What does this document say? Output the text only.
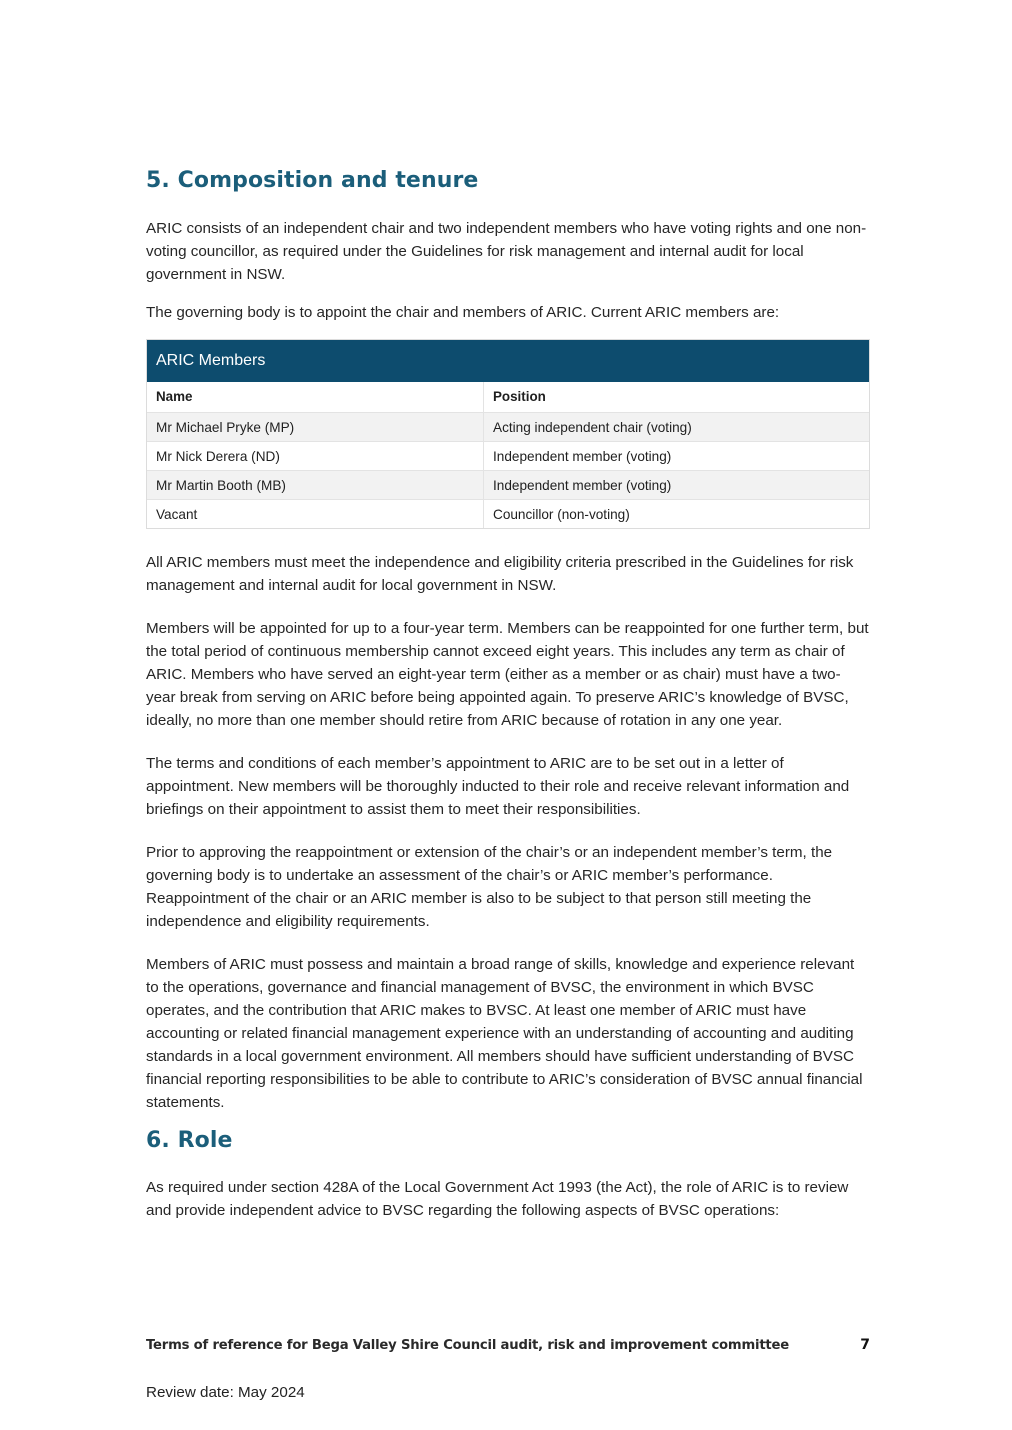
5. Composition and tenure

ARIC consists of an independent chair and two independent members who have voting rights and one non-voting councillor, as required under the Guidelines for risk management and internal audit for local government in NSW.

The governing body is to appoint the chair and members of ARIC. Current ARIC members are:

ARIC Members
Name	Position
Mr Michael Pryke (MP)	Acting independent chair (voting)
Mr Nick Derera (ND)	Independent member (voting)
Mr Martin Booth (MB)	Independent member (voting)
Vacant	Councillor (non-voting)

All ARIC members must meet the independence and eligibility criteria prescribed in the Guidelines for risk management and internal audit for local government in NSW.

Members will be appointed for up to a four-year term. Members can be reappointed for one further term, but the total period of continuous membership cannot exceed eight years. This includes any term as chair of ARIC. Members who have served an eight-year term (either as a member or as chair) must have a two-year break from serving on ARIC before being appointed again. To preserve ARIC’s knowledge of BVSC, ideally, no more than one member should retire from ARIC because of rotation in any one year.

The terms and conditions of each member’s appointment to ARIC are to be set out in a letter of appointment. New members will be thoroughly inducted to their role and receive relevant information and briefings on their appointment to assist them to meet their responsibilities.

Prior to approving the reappointment or extension of the chair’s or an independent member’s term, the governing body is to undertake an assessment of the chair’s or ARIC member’s performance. Reappointment of the chair or an ARIC member is also to be subject to that person still meeting the independence and eligibility requirements.

Members of ARIC must possess and maintain a broad range of skills, knowledge and experience relevant to the operations, governance and financial management of BVSC, the environment in which BVSC operates, and the contribution that ARIC makes to BVSC. At least one member of ARIC must have accounting or related financial management experience with an understanding of accounting and auditing standards in a local government environment. All members should have sufficient understanding of BVSC financial reporting responsibilities to be able to contribute to ARIC’s consideration of BVSC annual financial statements.

6. Role

As required under section 428A of the Local Government Act 1993 (the Act), the role of ARIC is to review and provide independent advice to BVSC regarding the following aspects of BVSC operations:

Terms of reference for Bega Valley Shire Council audit, risk and improvement committee	7
Review date: May 2024
